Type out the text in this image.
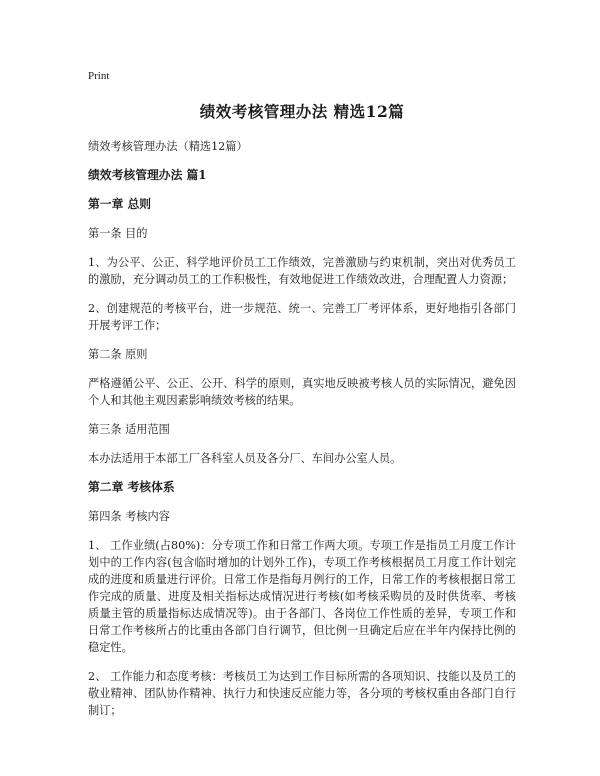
Print
绩效考核管理办法 精选12篇
绩效考核管理办法（精选12篇）
绩效考核管理办法 篇1
第一章 总则
第一条 目的
1、为公平、公正、科学地评价员工工作绩效，完善激励与约束机制，突出对优秀员工的激励，充分调动员工的工作积极性，有效地促进工作绩效改进，合理配置人力资源；
2、创建规范的考核平台，进一步规范、统一、完善工厂考评体系，更好地指引各部门开展考评工作；
第二条 原则
严格遵循公平、公正、公开、科学的原则，真实地反映被考核人员的实际情况，避免因个人和其他主观因素影响绩效考核的结果。
第三条 适用范围
本办法适用于本部工厂各科室人员及各分厂、车间办公室人员。
第二章 考核体系
第四条 考核内容
1、 工作业绩(占80%)：分专项工作和日常工作两大项。专项工作是指员工月度工作计划中的工作内容(包含临时增加的计划外工作)，专项工作考核根据员工月度工作计划完成的进度和质量进行评价。日常工作是指每月例行的工作，日常工作的考核根据日常工作完成的质量、进度及相关指标达成情况进行考核(如考核采购员的及时供货率、考核质量主管的质量指标达成情况等)。由于各部门、各岗位工作性质的差异，专项工作和日常工作考核所占的比重由各部门自行调节，但比例一旦确定后应在半年内保持比例的稳定性。
2、 工作能力和态度考核：考核员工为达到工作目标所需的各项知识、技能以及员工的敬业精神、团队协作精神、执行力和快速反应能力等，各分项的考核权重由各部门自行制订；
